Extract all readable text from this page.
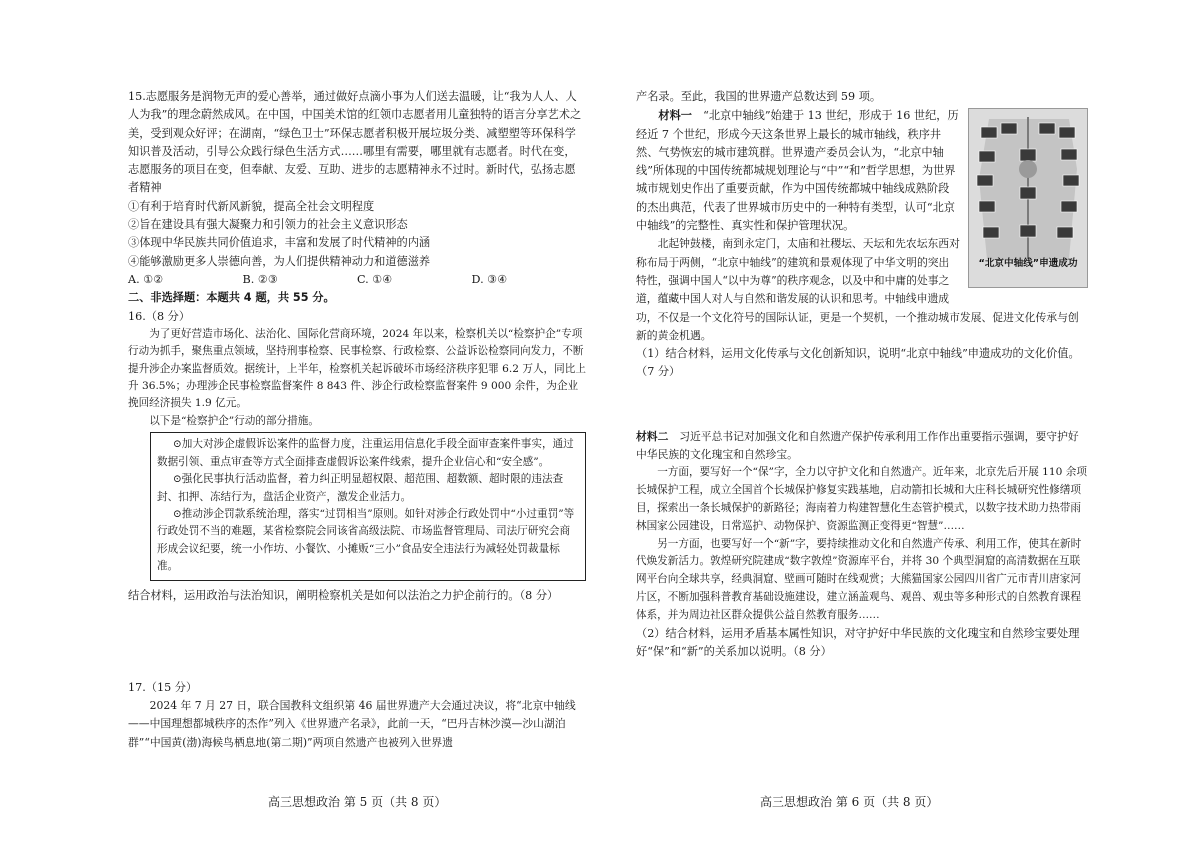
15.志愿服务是润物无声的爱心善举，通过做好点滴小事为人们送去温暖，让“我为人人、人人为我”的理念蔚然成风。在中国，中国美术馆的红领巾志愿者用儿童独特的语言分享艺术之美，受到观众好评；在湖南，“绿色卫士”环保志愿者积极开展垃圾分类、减塑塑等环保科学知识普及活动，引导公众践行绿色生活方式……哪里有需要，哪里就有志愿者。时代在变，志愿服务的项目在变，但奉献、友爱、互助、进步的志愿精神永不过时。新时代，弘扬志愿者精神

①有利于培育时代新风新貌，提高全社会文明程度

②旨在建设具有强大凝聚力和引领力的社会主义意识形态

③体现中华民族共同价值追求，丰富和发展了时代精神的内涵

④能够激励更多人崇德向善，为人们提供精神动力和道德滋养

A. ①②	B. ②③	C. ①④	D. ③④

二、非选择题：本题共 4 题，共 55 分。

16.（8 分）

为了更好营造市场化、法治化、国际化营商环境，2024 年以来，检察机关以“检察护企”专项行动为抓手，聚焦重点领域，坚持刑事检察、民事检察、行政检察、公益诉讼检察同向发力，不断提升涉企办案监督质效。据统计，上半年，检察机关起诉破坏市场经济秩序犯罪 6.2 万人，同比上升 36.5%；办理涉企民事检察监督案件 8 843 件、涉企行政检察监督案件 9 000 余件，为企业挽回经济损失 1.9 亿元。

以下是“检察护企”行动的部分措施。

⊙加大对涉企虚假诉讼案件的监督力度，注重运用信息化手段全面审查案件事实，通过数据引领、重点审查等方式全面排查虚假诉讼案件线索，提升企业信心和“安全感”。

⊙强化民事执行活动监督，着力纠正明显超权限、超范围、超数额、超时限的违法查封、扣押、冻结行为，盘活企业资产，激发企业活力。

⊙推动涉企罚款系统治理，落实“过罚相当”原则。如针对涉企行政处罚中“小过重罚”等行政处罚不当的难题，某省检察院会同该省高级法院、市场监督管理局、司法厅研究会商形成会议纪要，统一小作坊、小餐饮、小摊贩“三小”食品安全违法行为减轻处罚裁量标准。

结合材料，运用政治与法治知识，阐明检察机关是如何以法治之力护企前行的。（8 分）

17.（15 分）

2024 年 7 月 27 日，联合国教科文组织第 46 届世界遗产大会通过决议，将“北京中轴线——中国理想都城秩序的杰作”列入《世界遗产名录》，此前一天，“巴丹吉林沙漠—沙山湖泊群”“中国黄(渤)海候鸟栖息地(第二期)”两项自然遗产也被列入世界遗

产名录。至此，我国的世界遗产总数达到 59 项。

“北京中轴线”申遗成功

材料一　 “北京中轴线”始建于 13 世纪，形成于 16 世纪，历经近 7 个世纪，形成今天这条世界上最长的城市轴线，秩序井然、气势恢宏的城市建筑群。世界遗产委员会认为，“北京中轴线”所体现的中国传统都城规划理论与“中”“和”哲学思想，为世界城市规划史作出了重要贡献，作为中国传统都城中轴线成熟阶段的杰出典范，代表了世界城市历史中的一种特有类型，认可“北京中轴线”的完整性、真实性和保护管理状况。

北起钟鼓楼，南到永定门，太庙和社稷坛、天坛和先农坛东西对称布局于两侧，“北京中轴线”的建筑和景观体现了中华文明的突出特性，强调中国人“以中为尊”的秩序观念，以及中和中庸的处事之道，蕴藏中国人对人与自然和谐发展的认识和思考。中轴线申遗成功，不仅是一个文化符号的国际认证，更是一个契机，一个推动城市发展、促进文化传承与创新的黄金机遇。

（1）结合材料，运用文化传承与文化创新知识，说明“北京中轴线”申遗成功的文化价值。（7 分）

材料二　 习近平总书记对加强文化和自然遗产保护传承利用工作作出重要指示强调，要守护好中华民族的文化瑰宝和自然珍宝。

一方面，要写好一个“保”字，全力以守护文化和自然遗产。近年来，北京先后开展 110 余项长城保护工程，成立全国首个长城保护修复实践基地，启动箭扣长城和大庄科长城研究性修缮项目，探索出一条长城保护的新路径；海南着力构建智慧化生态管护模式，以数字技术助力热带雨林国家公园建设，日常巡护、动物保护、资源监测正变得更“智慧”……

另一方面，也要写好一个“新”字，要持续推动文化和自然遗产传承、利用工作，使其在新时代焕发新活力。敦煌研究院建成“数字敦煌”资源库平台，并将 30 个典型洞窟的高清数据在互联网平台向全球共享，经典洞窟、壁画可随时在线观赏；大熊猫国家公园四川省广元市青川唐家河片区，不断加强科普教育基础设施建设，建立涵盖观鸟、观兽、观虫等多种形式的自然教育课程体系，并为周边社区群众提供公益自然教育服务……

（2）结合材料，运用矛盾基本属性知识，对守护好中华民族的文化瑰宝和自然珍宝要处理好“保”和“新”的关系加以说明。（8 分）

高三思想政治 第 5 页（共 8 页）	高三思想政治 第 6 页（共 8 页）
